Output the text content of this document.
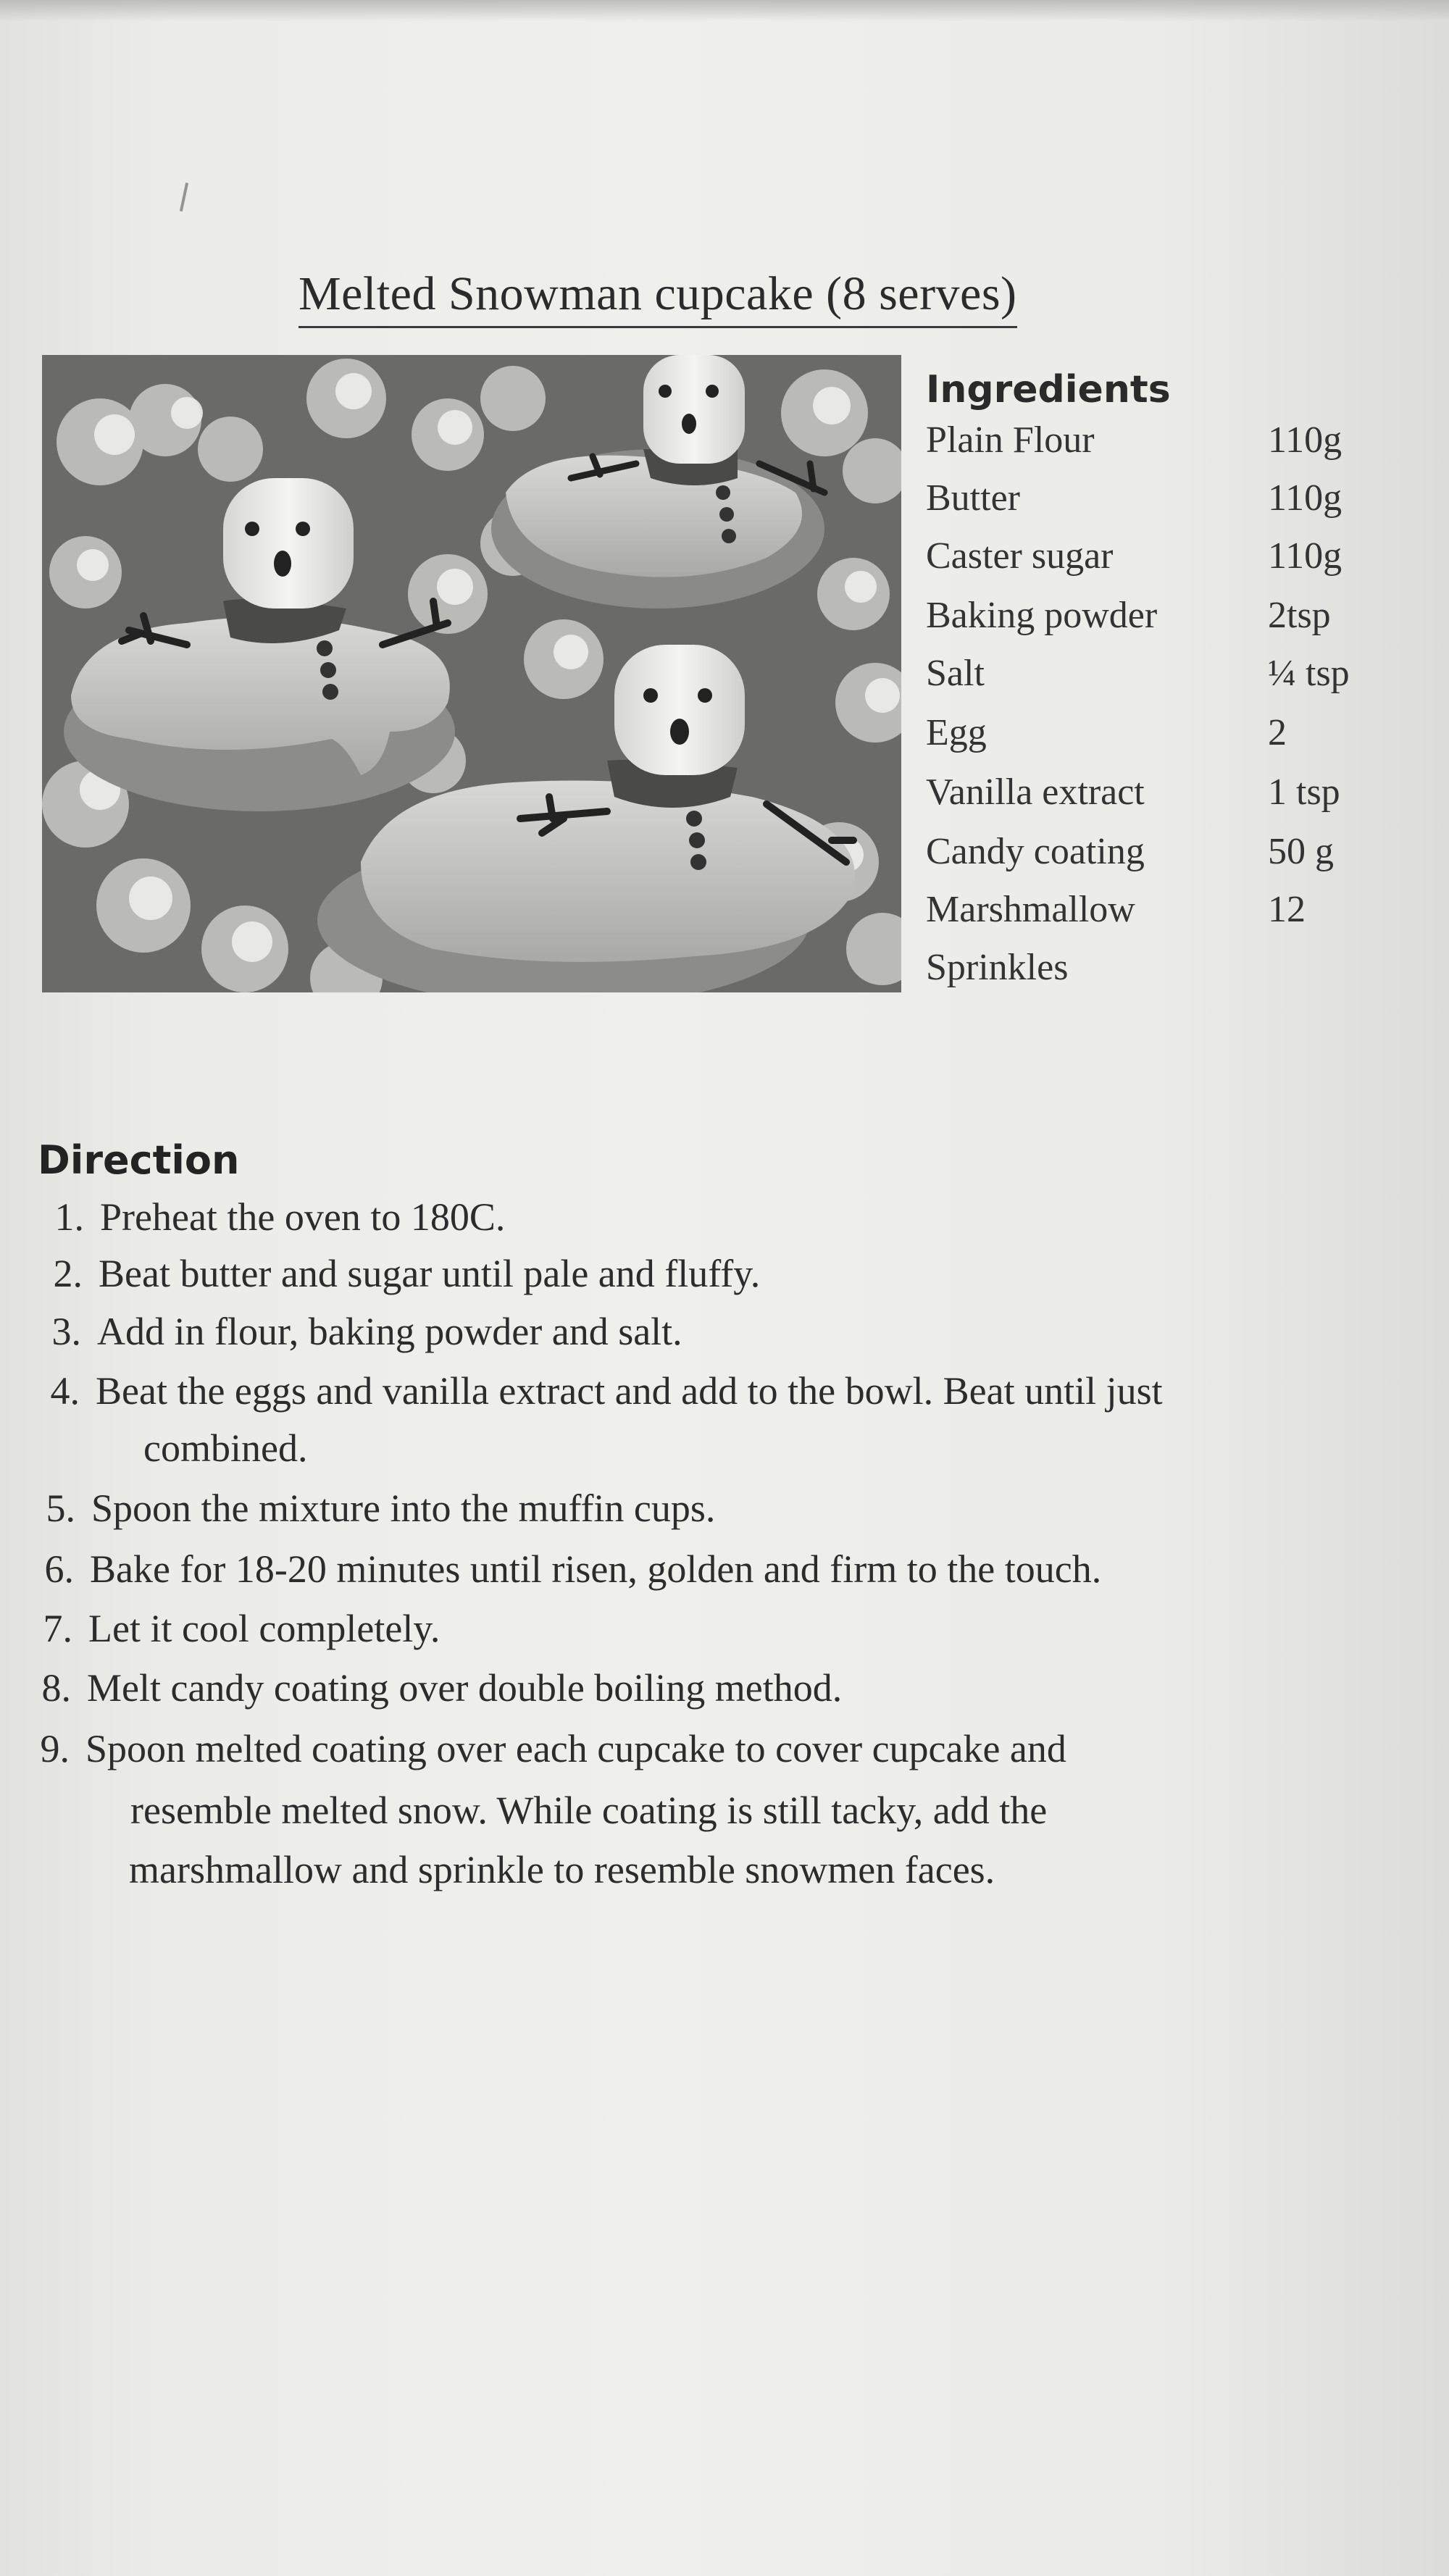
Melted Snowman cupcake (8 serves)
Ingredients
Plain Flour	110g
Butter	110g
Caster sugar	110g
Baking powder	2tsp
Salt	¼ tsp
Egg	2
Vanilla extract	1 tsp
Candy coating	50 g
Marshmallow	12
Sprinkles
Direction
1. Preheat the oven to 180C.
2. Beat butter and sugar until pale and fluffy.
3. Add in flour, baking powder and salt.
4. Beat the eggs and vanilla extract and add to the bowl. Beat until just
combined.
5. Spoon the mixture into the muffin cups.
6. Bake for 18-20 minutes until risen, golden and firm to the touch.
7. Let it cool completely.
8. Melt candy coating over double boiling method.
9. Spoon melted coating over each cupcake to cover cupcake and
resemble melted snow. While coating is still tacky, add the
marshmallow and sprinkle to resemble snowmen faces.
